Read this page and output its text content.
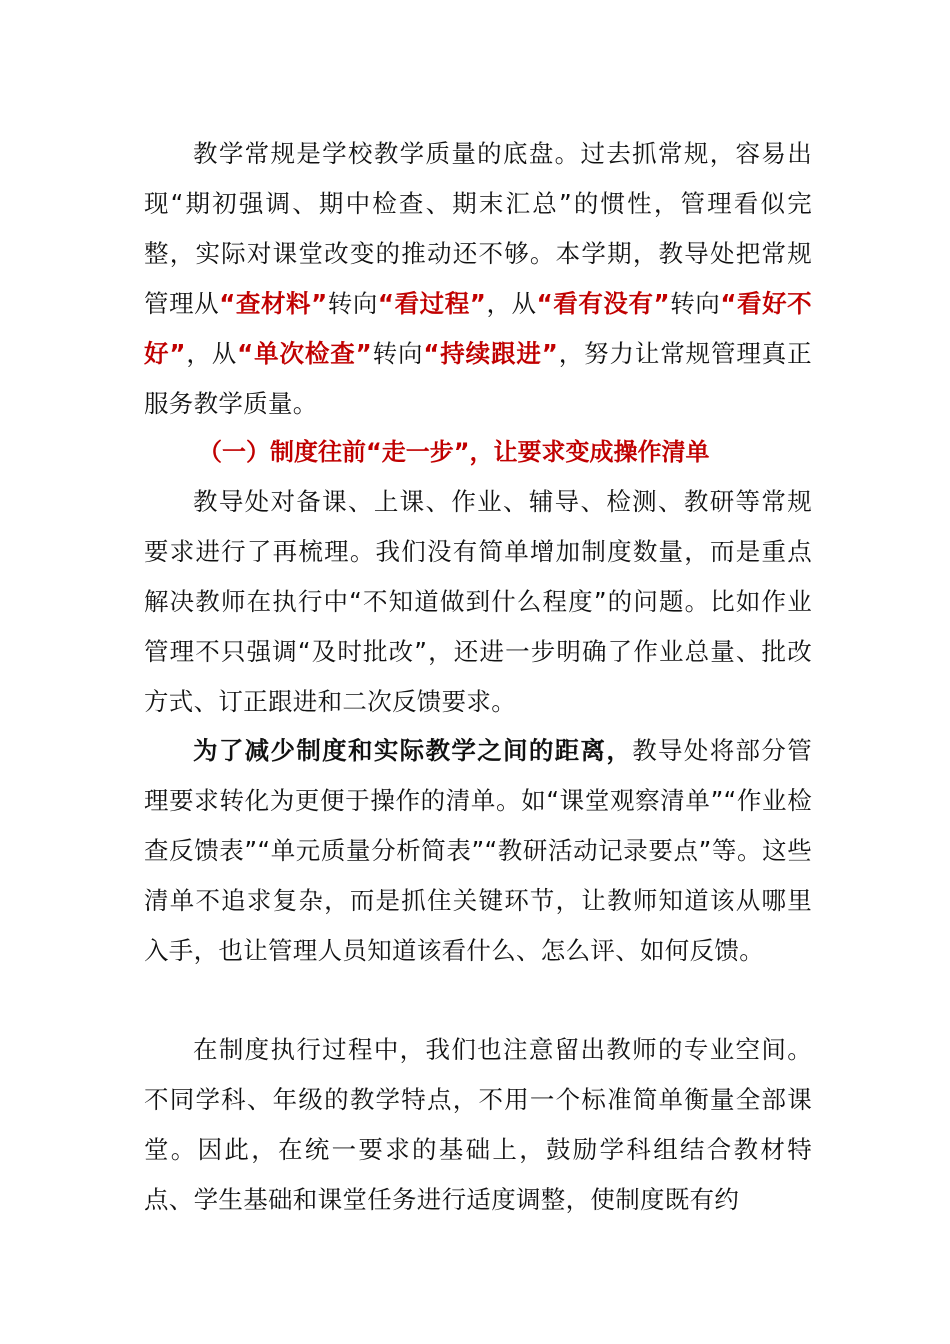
教学常规是学校教学质量的底盘。过去抓常规，容易出现“期初强调、期中检查、期末汇总”的惯性，管理看似完整，实际对课堂改变的推动还不够。本学期，教导处把常规管理从“查材料”转向“看过程”，从“看有没有”转向“看好不好”，从“单次检查”转向“持续跟进”，努力让常规管理真正服务教学质量。

（一）制度往前“走一步”，让要求变成操作清单

教导处对备课、上课、作业、辅导、检测、教研等常规要求进行了再梳理。我们没有简单增加制度数量，而是重点解决教师在执行中“不知道做到什么程度”的问题。比如作业管理不只强调“及时批改”，还进一步明确了作业总量、批改方式、订正跟进和二次反馈要求。

为了减少制度和实际教学之间的距离，教导处将部分管理要求转化为更便于操作的清单。如“课堂观察清单”“作业检查反馈表”“单元质量分析简表”“教研活动记录要点”等。这些清单不追求复杂，而是抓住关键环节，让教师知道该从哪里入手，也让管理人员知道该看什么、怎么评、如何反馈。

在制度执行过程中，我们也注意留出教师的专业空间。不同学科、年级的教学特点，不用一个标准简单衡量全部课堂。因此，在统一要求的基础上，鼓励学科组结合教材特点、学生基础和课堂任务进行适度调整，使制度既有约
